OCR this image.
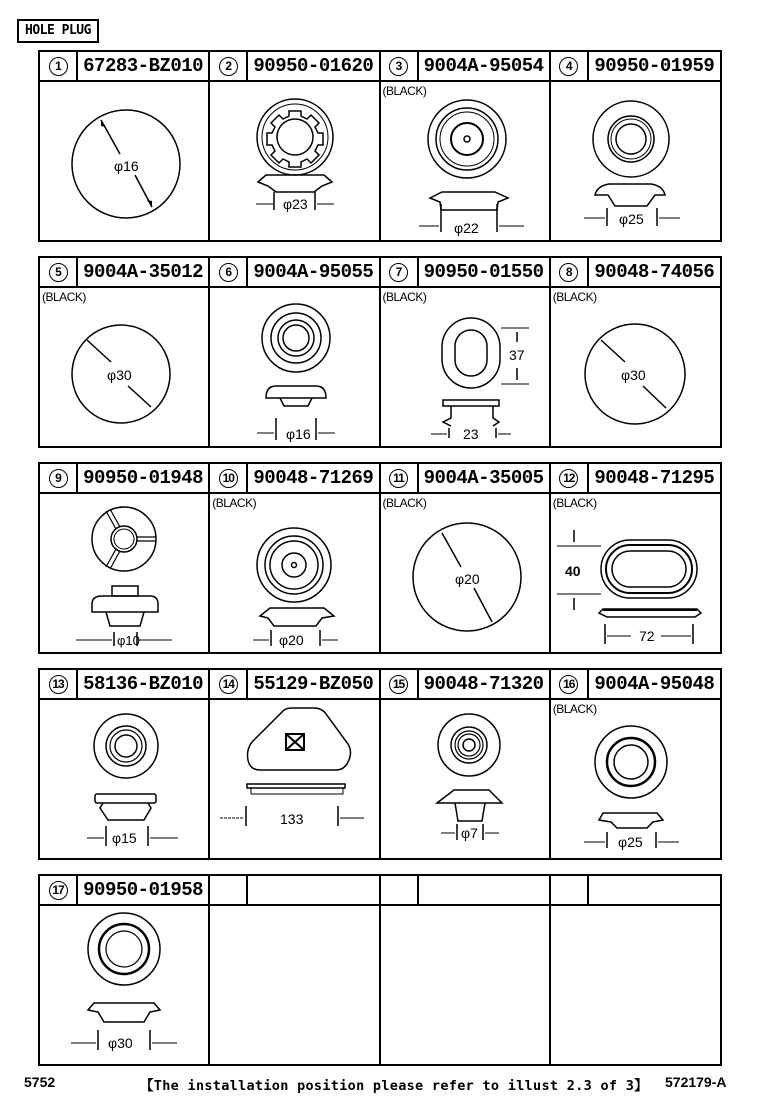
HOLE PLUG
1	67283-BZ010
φ16
2	90950-01620
φ23
3	9004A-95054
(BLACK)
φ22
4	90950-01959
φ25
5	9004A-35012
(BLACK)
φ30
6	9004A-95055
φ16
7	90950-01550
(BLACK)
37
23
8	90048-74056
(BLACK)
φ30
9	90950-01948
φ10
10 90048-71269
(BLACK)
φ20
11 9004A-35005
(BLACK)
φ20
12 90048-71295
(BLACK)
40
72
13 58136-BZ010
φ15
14 55129-BZ050
133
15 90048-71320
φ7
16 9004A-95048
(BLACK)
φ25
17 90950-01958
φ30
5752	【The installation position please refer to illust 2.3 of 3】 572179-A
